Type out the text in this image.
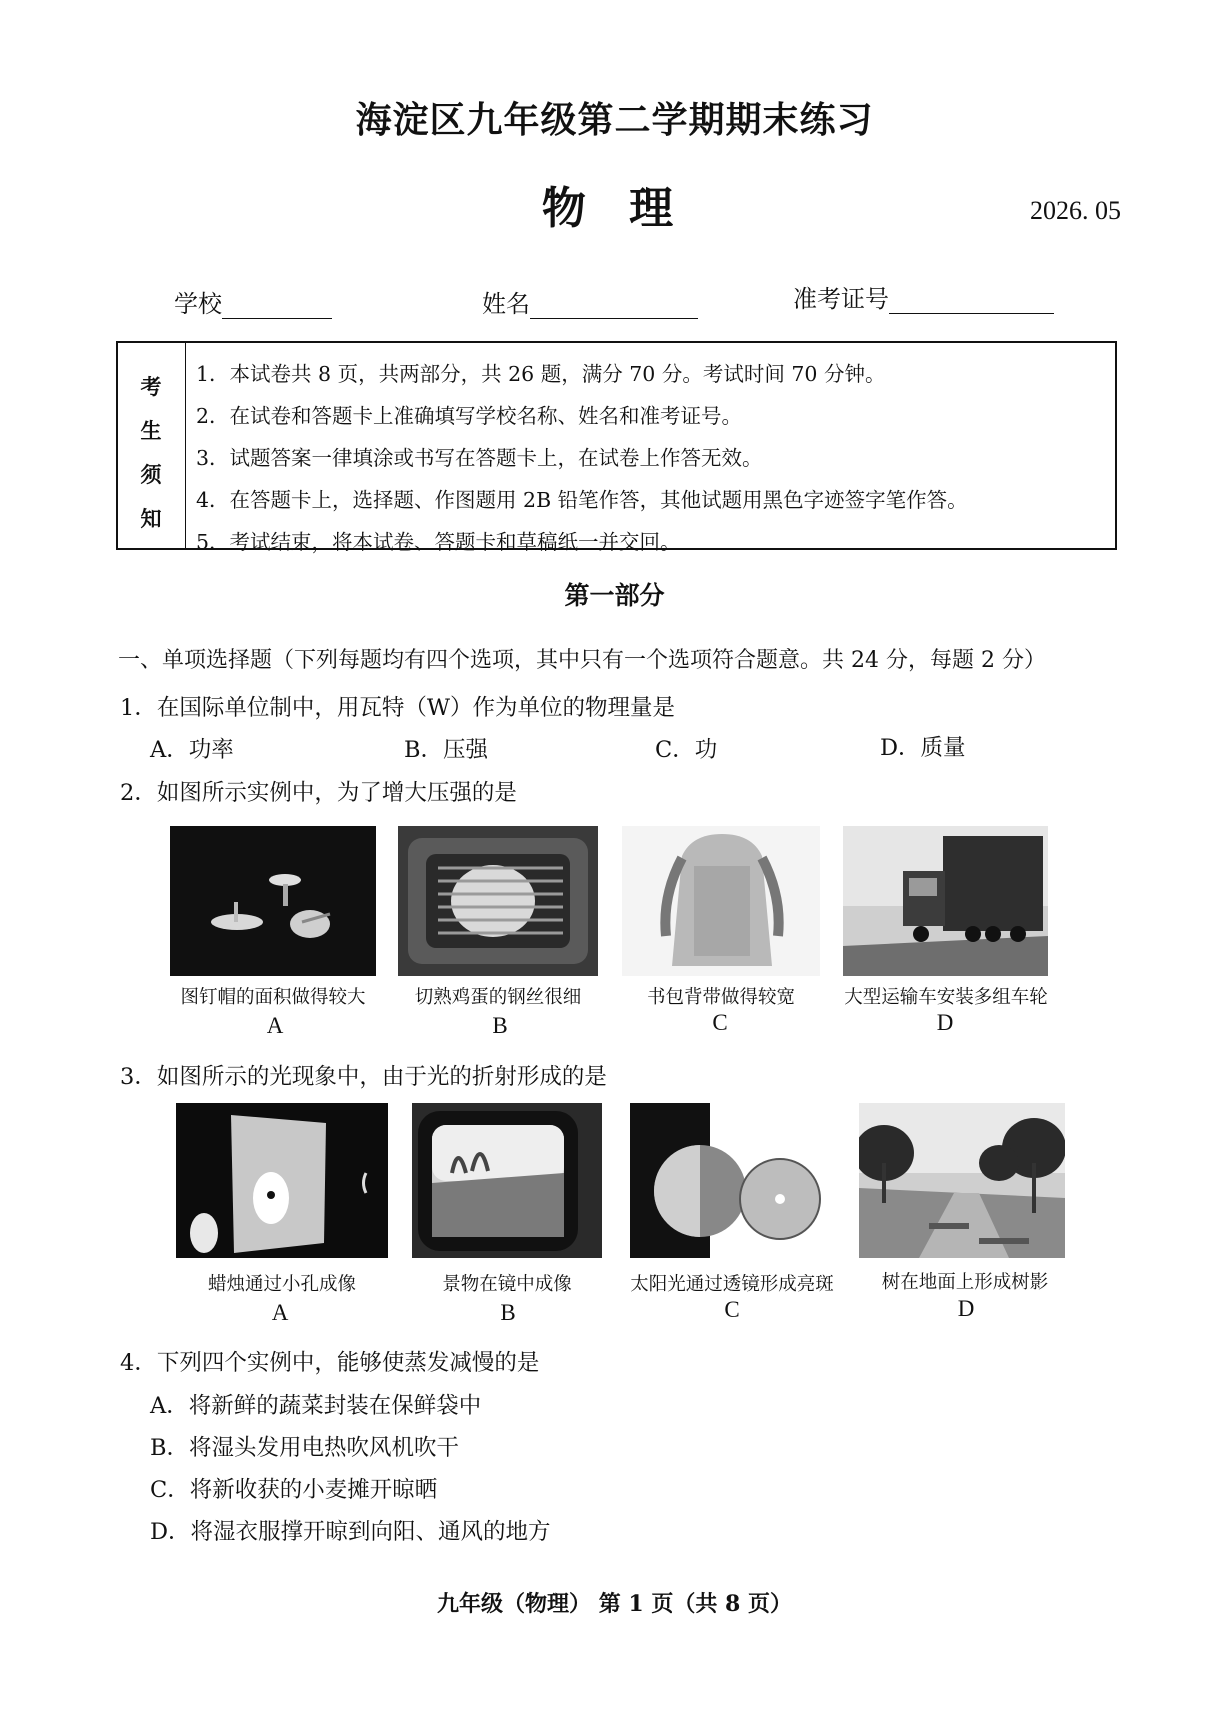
海淀区九年级第二学期期末练习
物 理	2026. 05
学校	姓名	准考证号
考
生
须
知
1．本试卷共 8 页，共两部分，共 26 题，满分 70 分。考试时间 70 分钟。
2．在试卷和答题卡上准确填写学校名称、姓名和准考证号。
3．试题答案一律填涂或书写在答题卡上，在试卷上作答无效。
4．在答题卡上，选择题、作图题用 2B 铅笔作答，其他试题用黑色字迹签字笔作答。
5．考试结束，将本试卷、答题卡和草稿纸一并交回。
第一部分
一、单项选择题（下列每题均有四个选项，其中只有一个选项符合题意。共 24 分，每题 2 分）
1．在国际单位制中，用瓦特（W）作为单位的物理量是
A．功率	B．压强	C．功	D．质量
2．如图所示实例中，为了增大压强的是
图钉帽的面积做得较大	切熟鸡蛋的钢丝很细	书包背带做得较宽	大型运输车安装多组车轮
A	B	C	D
3．如图所示的光现象中，由于光的折射形成的是
蜡烛通过小孔成像	景物在镜中成像	太阳光通过透镜形成亮斑	树在地面上形成树影
A	B	C	D
4．下列四个实例中，能够使蒸发减慢的是
A．将新鲜的蔬菜封装在保鲜袋中
B．将湿头发用电热吹风机吹干
C．将新收获的小麦摊开晾晒
D．将湿衣服撑开晾到向阳、通风的地方
九年级（物理） 第 1 页（共 8 页）
